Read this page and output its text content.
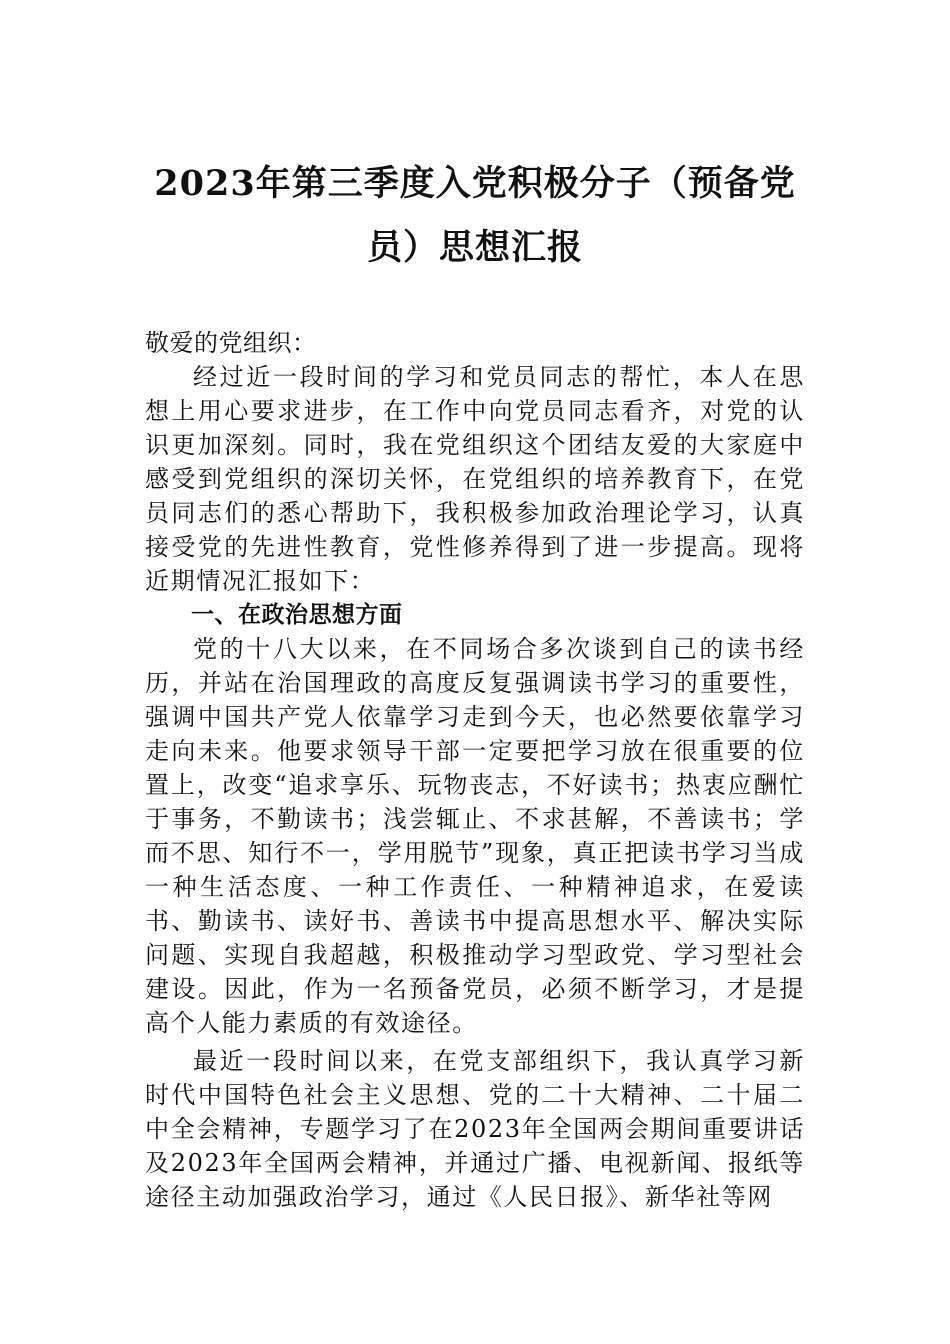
2023年第三季度入党积极分子（预备党
员）思想汇报

敬爱的党组织：

经过近一段时间的学习和党员同志的帮忙，本人在思想上用心要求进步，在工作中向党员同志看齐，对党的认识更加深刻。同时，我在党组织这个团结友爱的大家庭中感受到党组织的深切关怀，在党组织的培养教育下，在党员同志们的悉心帮助下，我积极参加政治理论学习，认真接受党的先进性教育，党性修养得到了进一步提高。现将近期情况汇报如下：

一、在政治思想方面

党的十八大以来，在不同场合多次谈到自己的读书经历，并站在治国理政的高度反复强调读书学习的重要性，强调中国共产党人依靠学习走到今天，也必然要依靠学习走向未来。他要求领导干部一定要把学习放在很重要的位置上，改变“追求享乐、玩物丧志，不好读书；热衷应酬忙于事务，不勤读书；浅尝辄止、不求甚解，不善读书；学而不思、知行不一，学用脱节”现象，真正把读书学习当成一种生活态度、一种工作责任、一种精神追求，在爱读书、勤读书、读好书、善读书中提高思想水平、解决实际问题、实现自我超越，积极推动学习型政党、学习型社会建设。因此，作为一名预备党员，必须不断学习，才是提高个人能力素质的有效途径。

最近一段时间以来，在党支部组织下，我认真学习新时代中国特色社会主义思想、党的二十大精神、二十届二中全会精神，专题学习了在2023年全国两会期间重要讲话及2023年全国两会精神，并通过广播、电视新闻、报纸等途径主动加强政治学习，通过《人民日报》、新华社等网
